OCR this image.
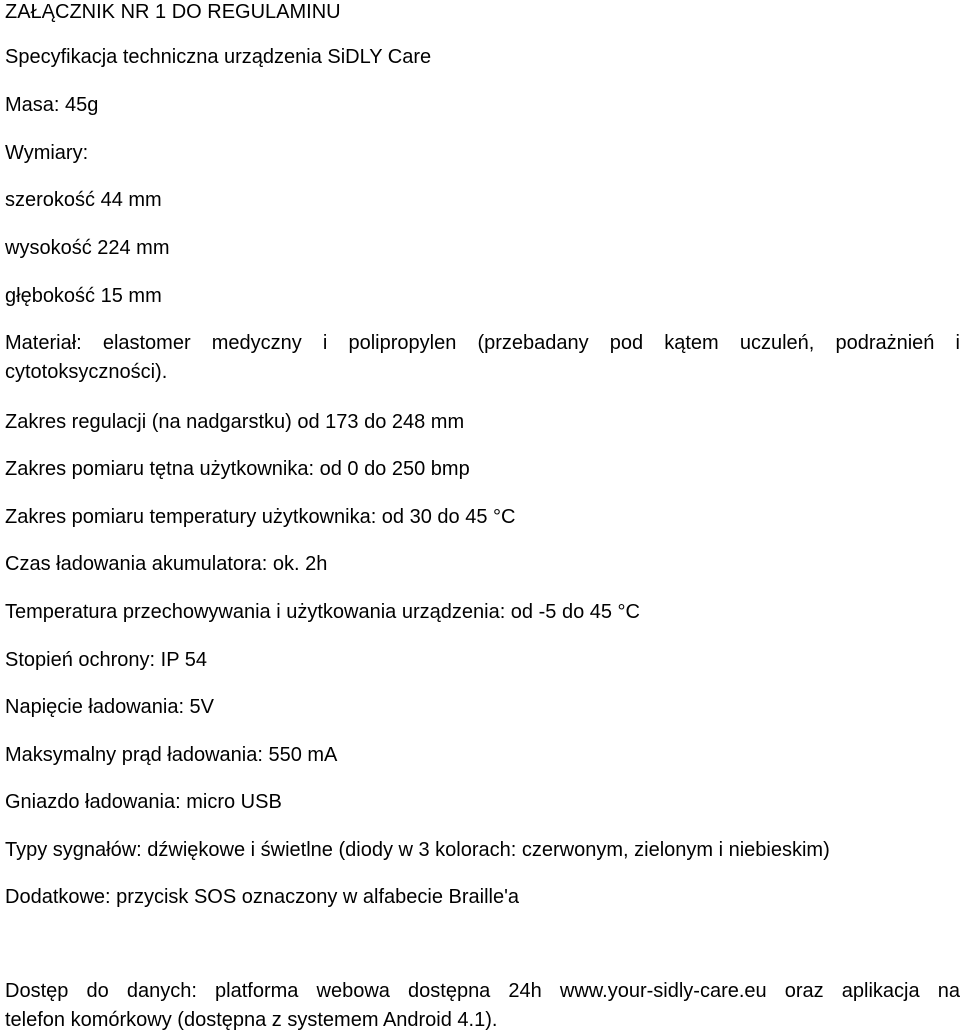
ZAŁĄCZNIK NR 1 DO REGULAMINU
Specyfikacja techniczna urządzenia SiDLY Care
Masa: 45g
Wymiary:
szerokość 44 mm
wysokość 224 mm
głębokość 15 mm
Materiał: elastomer medyczny i polipropylen (przebadany pod kątem uczuleń, podrażnień i
cytotoksyczności).
Zakres regulacji (na nadgarstku) od 173 do 248 mm
Zakres pomiaru tętna użytkownika: od 0 do 250 bmp
Zakres pomiaru temperatury użytkownika: od 30 do 45 °C
Czas ładowania akumulatora: ok. 2h
Temperatura przechowywania i użytkowania urządzenia: od -5 do 45 °C
Stopień ochrony: IP 54
Napięcie ładowania: 5V
Maksymalny prąd ładowania: 550 mA
Gniazdo ładowania: micro USB
Typy sygnałów: dźwiękowe i świetlne (diody w 3 kolorach: czerwonym, zielonym i niebieskim)
Dodatkowe: przycisk SOS oznaczony w alfabecie Braille'a
Dostęp do danych: platforma webowa dostępna 24h www.your-sidly-care.eu oraz aplikacja na
telefon komórkowy (dostępna z systemem Android 4.1).
